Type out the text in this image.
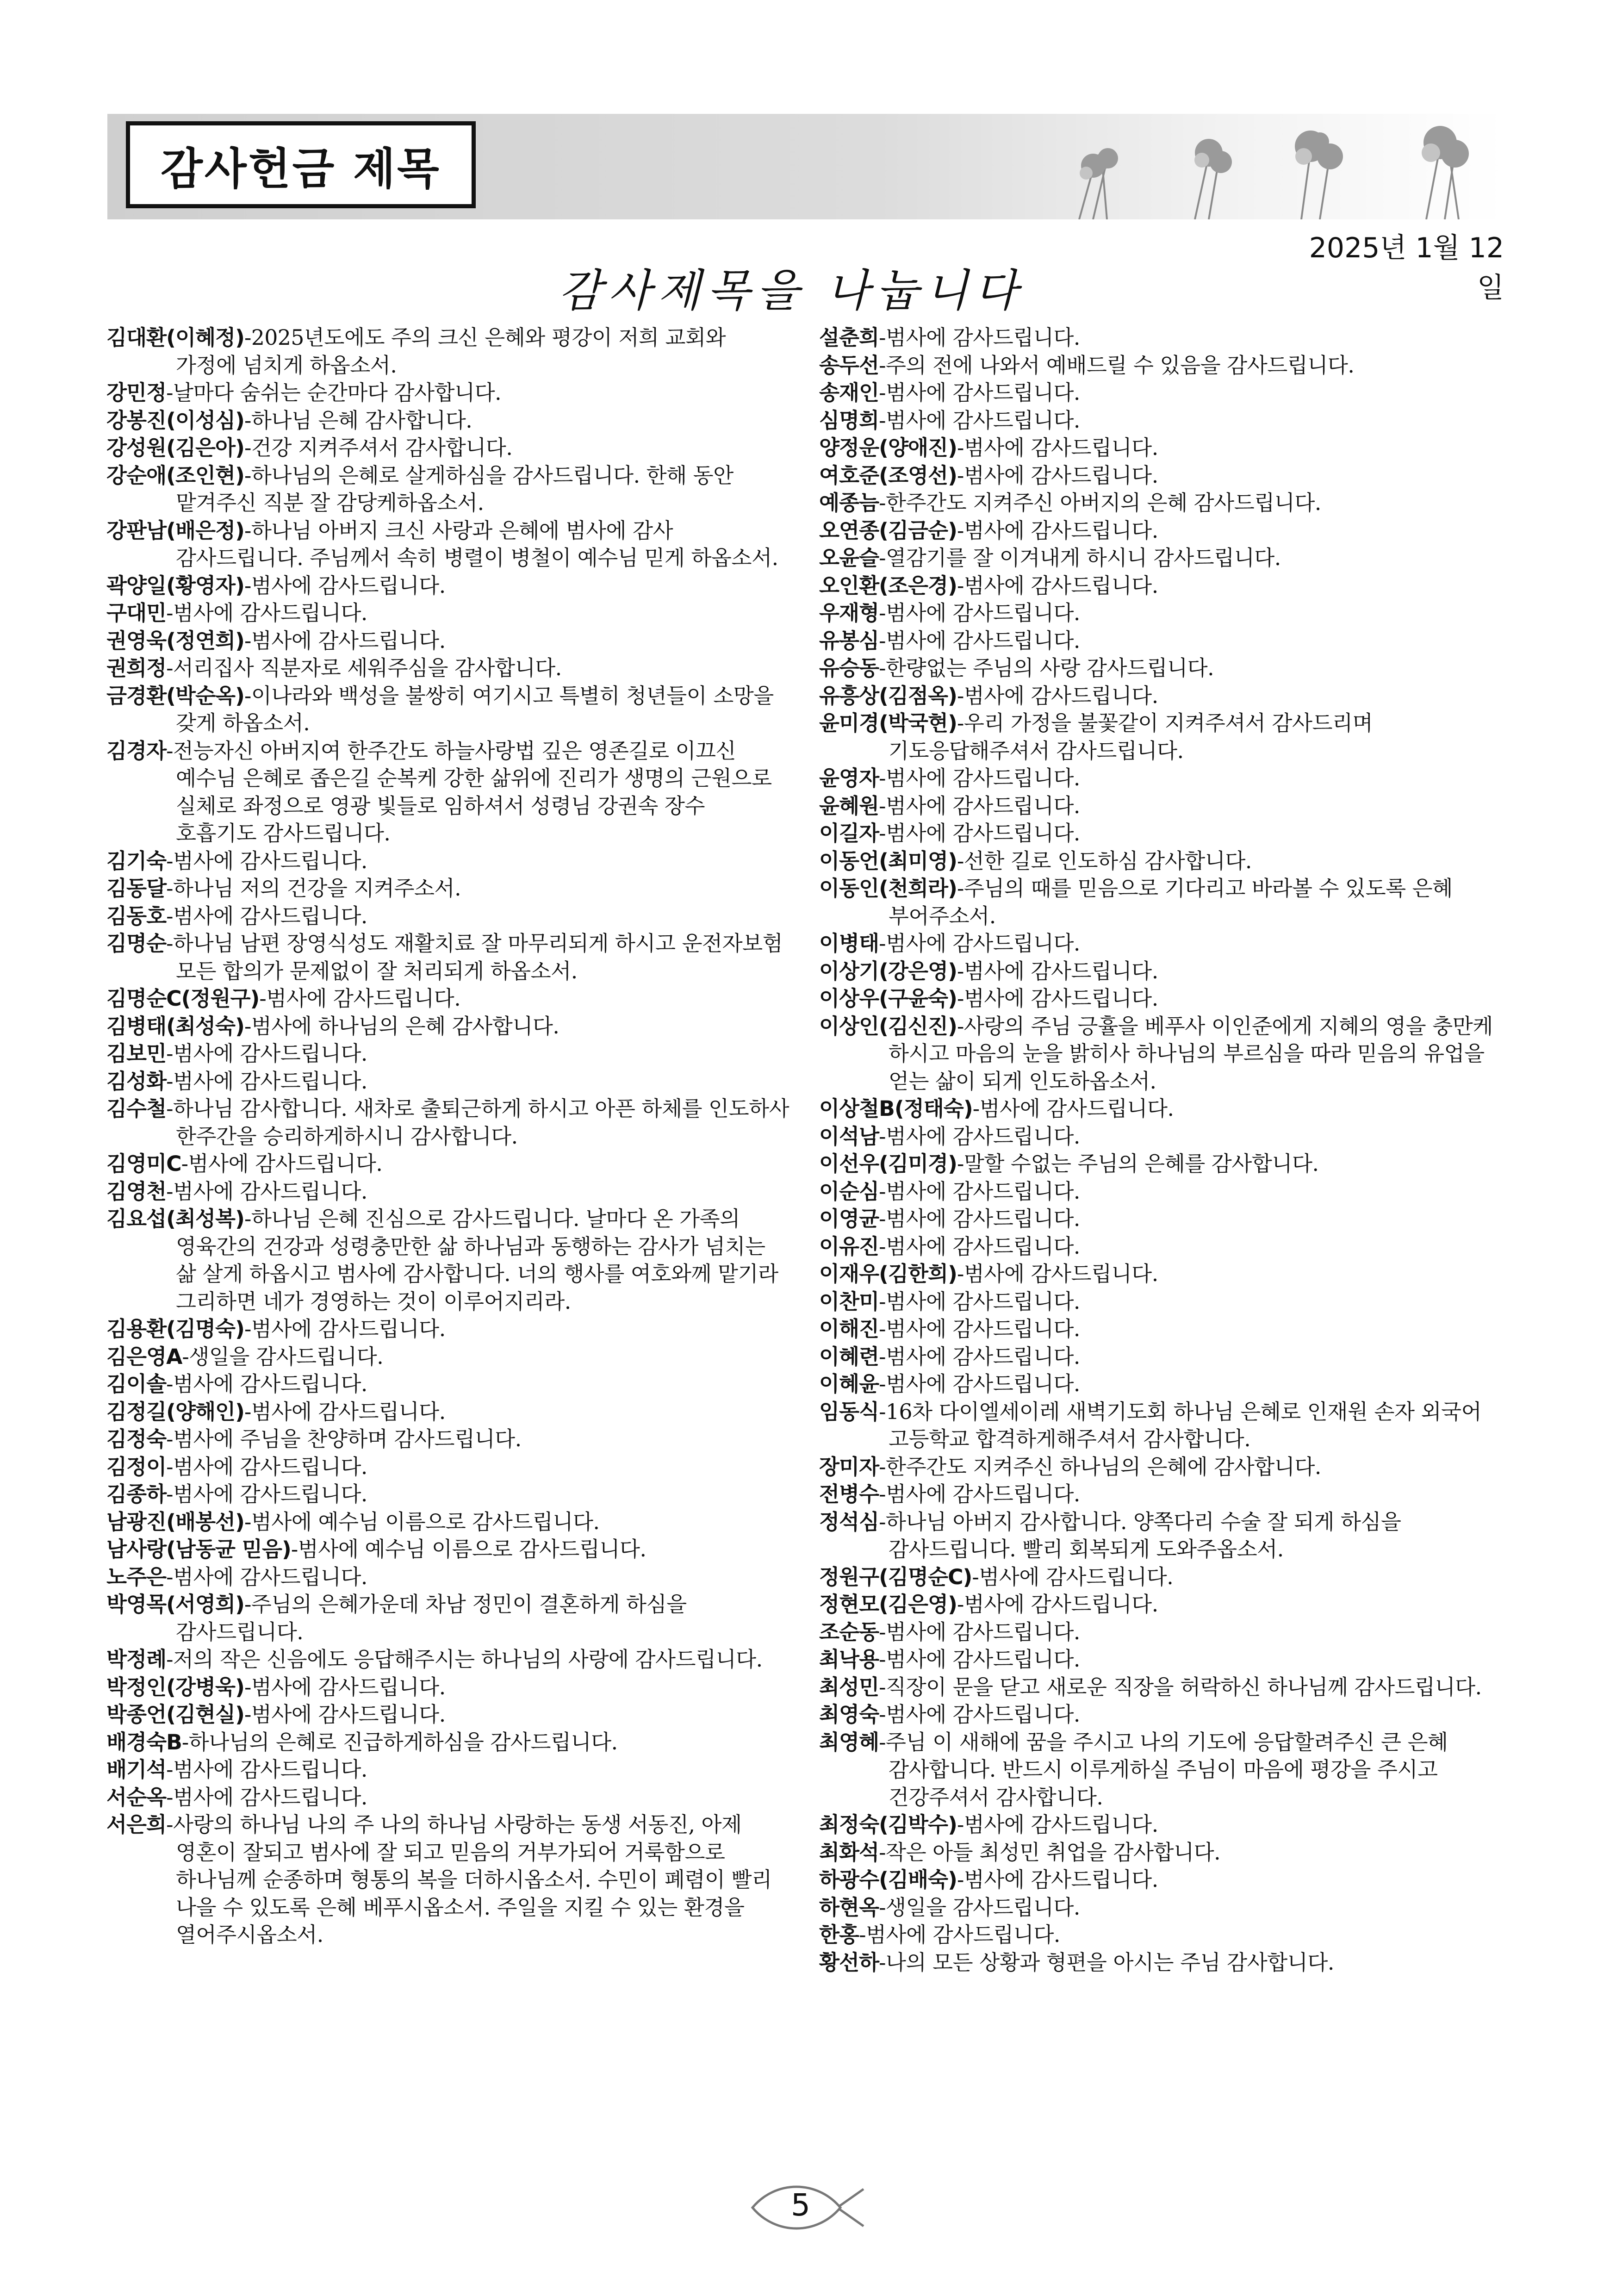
감사헌금 제목
2025년 1월 12일
감사제목을 나눕니다
김대환(이혜정)-2025년도에도 주의 크신 은혜와 평강이 저희 교회와 가정에 넘치게 하옵소서.
강민정-날마다 숨쉬는 순간마다 감사합니다.
강봉진(이성심)-하나님 은혜 감사합니다.
강성원(김은아)-건강 지켜주셔서 감사합니다.
강순애(조인현)-하나님의 은혜로 살게하심을 감사드립니다. 한해 동안 맡겨주신 직분 잘 감당케하옵소서.
강판남(배은정)-하나님 아버지 크신 사랑과 은혜에 범사에 감사 감사드립니다. 주님께서 속히 병렬이 병철이 예수님 믿게 하옵소서.
곽양일(황영자)-범사에 감사드립니다.
구대민-범사에 감사드립니다.
권영욱(정연희)-범사에 감사드립니다.
권희정-서리집사 직분자로 세워주심을 감사합니다.
금경환(박순옥)-이나라와 백성을 불쌍히 여기시고 특별히 청년들이 소망을 갖게 하옵소서.
김경자-전능자신 아버지여 한주간도 하늘사랑법 깊은 영존길로 이끄신 예수님 은혜로 좁은길 순복케 강한 삶위에 진리가 생명의 근원으로 실체로 좌정으로 영광 빛들로 임하셔서 성령님 강권속 장수 호흡기도 감사드립니다.
김기숙-범사에 감사드립니다.
김동달-하나님 저의 건강을 지켜주소서.
김동호-범사에 감사드립니다.
김명순-하나님 남편 장영식성도 재활치료 잘 마무리되게 하시고 운전자보험 모든 합의가 문제없이 잘 처리되게 하옵소서.
김명순C(정원구)-범사에 감사드립니다.
김병태(최성숙)-범사에 하나님의 은혜 감사합니다.
김보민-범사에 감사드립니다.
김성화-범사에 감사드립니다.
김수철-하나님 감사합니다. 새차로 출퇴근하게 하시고 아픈 하체를 인도하사 한주간을 승리하게하시니 감사합니다.
김영미C-범사에 감사드립니다.
김영천-범사에 감사드립니다.
김요섭(최성복)-하나님 은혜 진심으로 감사드립니다. 날마다 온 가족의 영육간의 건강과 성령충만한 삶 하나님과 동행하는 감사가 넘치는 삶 살게 하옵시고 범사에 감사합니다. 너의 행사를 여호와께 맡기라 그리하면 네가 경영하는 것이 이루어지리라.
김용환(김명숙)-범사에 감사드립니다.
김은영A-생일을 감사드립니다.
김이솔-범사에 감사드립니다.
김정길(양해인)-범사에 감사드립니다.
김정숙-범사에 주님을 찬양하며 감사드립니다.
김정이-범사에 감사드립니다.
김종하-범사에 감사드립니다.
남광진(배봉선)-범사에 예수님 이름으로 감사드립니다.
남사랑(남동균 믿음)-범사에 예수님 이름으로 감사드립니다.
노주은-범사에 감사드립니다.
박영목(서영희)-주님의 은혜가운데 차남 정민이 결혼하게 하심을 감사드립니다.
박정례-저의 작은 신음에도 응답해주시는 하나님의 사랑에 감사드립니다.
박정인(강병욱)-범사에 감사드립니다.
박종언(김현실)-범사에 감사드립니다.
배경숙B-하나님의 은혜로 진급하게하심을 감사드립니다.
배기석-범사에 감사드립니다.
서순옥-범사에 감사드립니다.
서은희-사랑의 하나님 나의 주 나의 하나님 사랑하는 동생 서동진, 아제 영혼이 잘되고 범사에 잘 되고 믿음의 거부가되어 거룩함으로 하나님께 순종하며 형통의 복을 더하시옵소서. 수민이 폐렴이 빨리 나을 수 있도록 은혜 베푸시옵소서. 주일을 지킬 수 있는 환경을 열어주시옵소서.
설춘희-범사에 감사드립니다.
송두선-주의 전에 나와서 예배드릴 수 있음을 감사드립니다.
송재인-범사에 감사드립니다.
심명희-범사에 감사드립니다.
양정운(양애진)-범사에 감사드립니다.
여호준(조영선)-범사에 감사드립니다.
예종늠-한주간도 지켜주신 아버지의 은혜 감사드립니다.
오연종(김금순)-범사에 감사드립니다.
오윤슬-열감기를 잘 이겨내게 하시니 감사드립니다.
오인환(조은경)-범사에 감사드립니다.
우재형-범사에 감사드립니다.
유봉심-범사에 감사드립니다.
유승동-한량없는 주님의 사랑 감사드립니다.
유흥상(김점옥)-범사에 감사드립니다.
윤미경(박국현)-우리 가정을 불꽃같이 지켜주셔서 감사드리며 기도응답해주셔서 감사드립니다.
윤영자-범사에 감사드립니다.
윤혜원-범사에 감사드립니다.
이길자-범사에 감사드립니다.
이동언(최미영)-선한 길로 인도하심 감사합니다.
이동인(천희라)-주님의 때를 믿음으로 기다리고 바라볼 수 있도록 은혜 부어주소서.
이병태-범사에 감사드립니다.
이상기(강은영)-범사에 감사드립니다.
이상우(구윤숙)-범사에 감사드립니다.
이상인(김신진)-사랑의 주님 긍휼을 베푸사 이인준에게 지혜의 영을 충만케 하시고 마음의 눈을 밝히사 하나님의 부르심을 따라 믿음의 유업을 얻는 삶이 되게 인도하옵소서.
이상철B(정태숙)-범사에 감사드립니다.
이석남-범사에 감사드립니다.
이선우(김미경)-말할 수없는 주님의 은혜를 감사합니다.
이순심-범사에 감사드립니다.
이영균-범사에 감사드립니다.
이유진-범사에 감사드립니다.
이재우(김한희)-범사에 감사드립니다.
이찬미-범사에 감사드립니다.
이해진-범사에 감사드립니다.
이혜련-범사에 감사드립니다.
이혜윤-범사에 감사드립니다.
임동식-16차 다이엘세이레 새벽기도회 하나님 은혜로 인재원 손자 외국어 고등학교 합격하게해주셔서 감사합니다.
장미자-한주간도 지켜주신 하나님의 은혜에 감사합니다.
전병수-범사에 감사드립니다.
정석심-하나님 아버지 감사합니다. 양쪽다리 수술 잘 되게 하심을 감사드립니다. 빨리 회복되게 도와주옵소서.
정원구(김명순C)-범사에 감사드립니다.
정현모(김은영)-범사에 감사드립니다.
조순동-범사에 감사드립니다.
최낙용-범사에 감사드립니다.
최성민-직장이 문을 닫고 새로운 직장을 허락하신 하나님께 감사드립니다.
최영숙-범사에 감사드립니다.
최영혜-주님 이 새해에 꿈을 주시고 나의 기도에 응답할려주신 큰 은혜 감사합니다. 반드시 이루게하실 주님이 마음에 평강을 주시고 건강주셔서 감사합니다.
최정숙(김박수)-범사에 감사드립니다.
최화석-작은 아들 최성민 취업을 감사합니다.
하광수(김배숙)-범사에 감사드립니다.
하현옥-생일을 감사드립니다.
한홍-범사에 감사드립니다.
황선하-나의 모든 상황과 형편을 아시는 주님 감사합니다.
5
